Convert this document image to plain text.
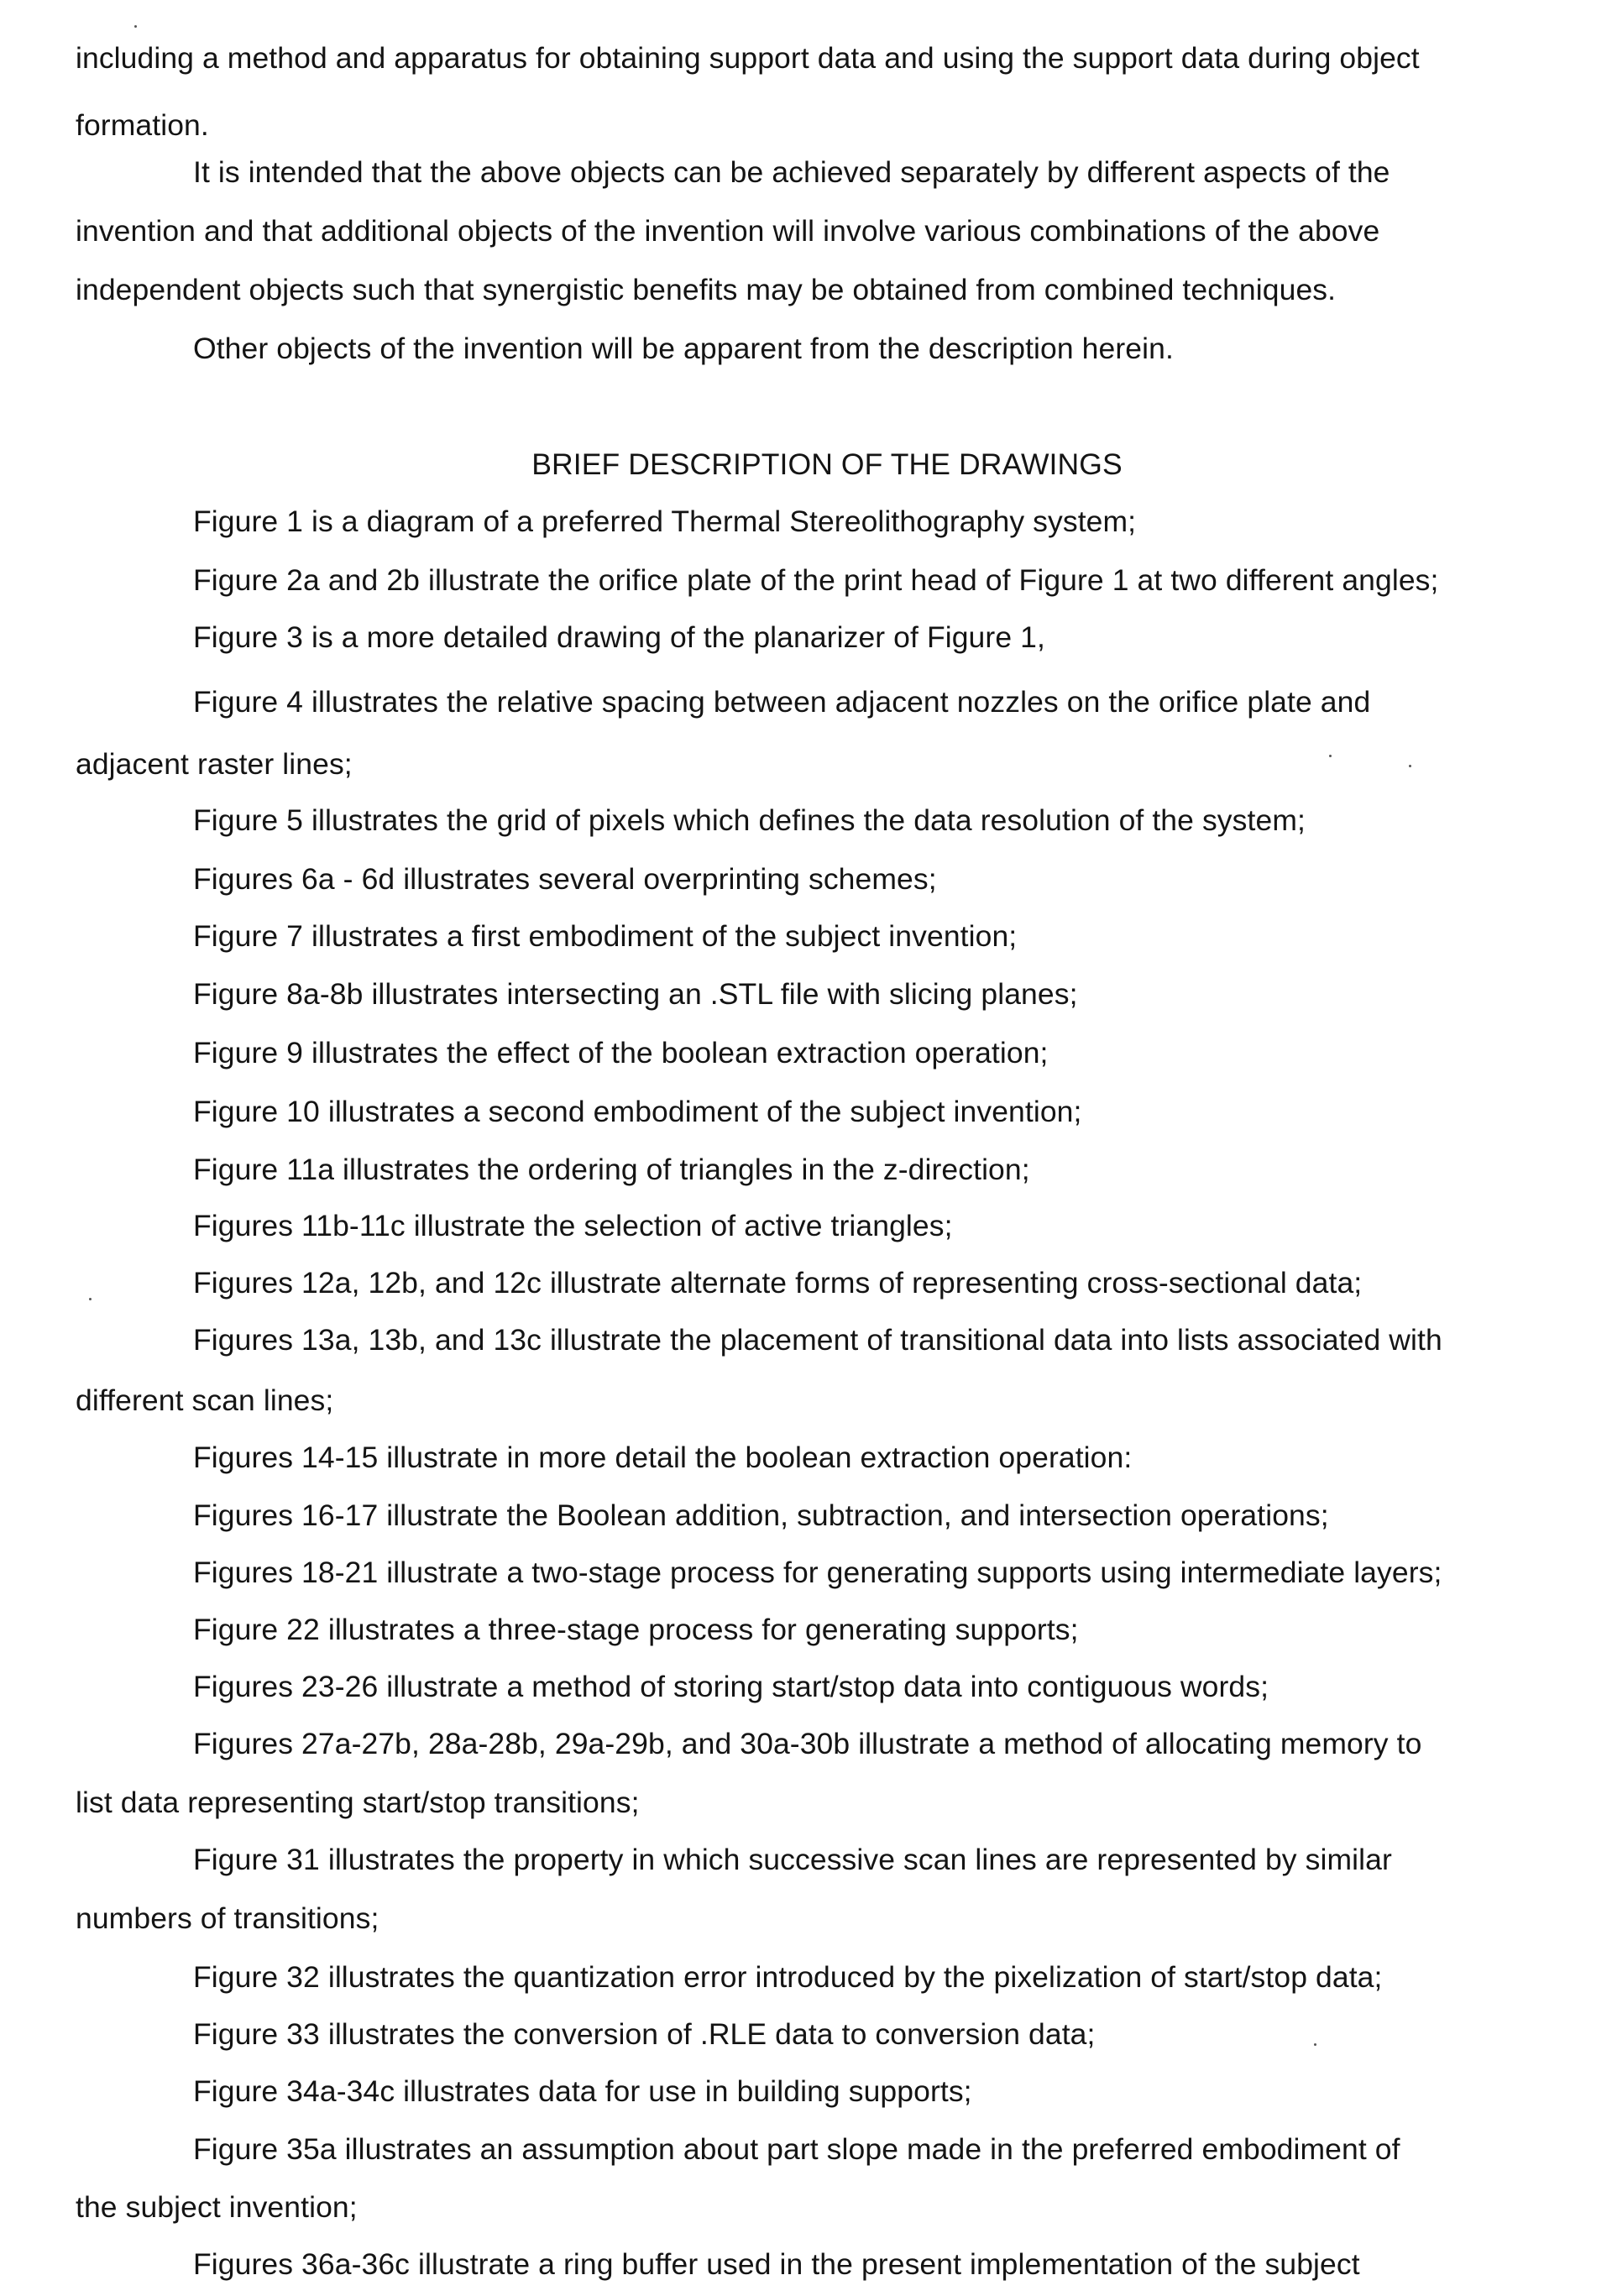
including a method and apparatus for obtaining support data and using the support data during object
formation.
It is intended that the above objects can be achieved separately by different aspects of the
invention and that additional objects of the invention will involve various combinations of the above
independent objects such that synergistic benefits may be obtained from combined techniques.
Other objects of the invention will be apparent from the description herein.
BRIEF DESCRIPTION OF THE DRAWINGS
Figure 1 is a diagram of a preferred Thermal Stereolithography system;
Figure 2a and 2b illustrate the orifice plate of the print head of Figure 1 at two different angles;
Figure 3 is a more detailed drawing of the planarizer of Figure 1,
Figure 4 illustrates the relative spacing between adjacent nozzles on the orifice plate and
adjacent raster lines;
Figure 5 illustrates the grid of pixels which defines the data resolution of the system;
Figures 6a - 6d illustrates several overprinting schemes;
Figure 7 illustrates a first embodiment of the subject invention;
Figure 8a-8b illustrates intersecting an .STL file with slicing planes;
Figure 9 illustrates the effect of the boolean extraction operation;
Figure 10 illustrates a second embodiment of the subject invention;
Figure 11a illustrates the ordering of triangles in the z-direction;
Figures 11b-11c illustrate the selection of active triangles;
Figures 12a, 12b, and 12c illustrate alternate forms of representing cross-sectional data;
Figures 13a, 13b, and 13c illustrate the placement of transitional data into lists associated with
different scan lines;
Figures 14-15 illustrate in more detail the boolean extraction operation:
Figures 16-17 illustrate the Boolean addition, subtraction, and intersection operations;
Figures 18-21 illustrate a two-stage process for generating supports using intermediate layers;
Figure 22 illustrates a three-stage process for generating supports;
Figures 23-26 illustrate a method of storing start/stop data into contiguous words;
Figures 27a-27b, 28a-28b, 29a-29b, and 30a-30b illustrate a method of allocating memory to
list data representing start/stop transitions;
Figure 31 illustrates the property in which successive scan lines are represented by similar
numbers of transitions;
Figure 32 illustrates the quantization error introduced by the pixelization of start/stop data;
Figure 33 illustrates the conversion of .RLE data to conversion data;
Figure 34a-34c illustrates data for use in building supports;
Figure 35a illustrates an assumption about part slope made in the preferred embodiment of
the subject invention;
Figures 36a-36c illustrate a ring buffer used in the present implementation of the subject
